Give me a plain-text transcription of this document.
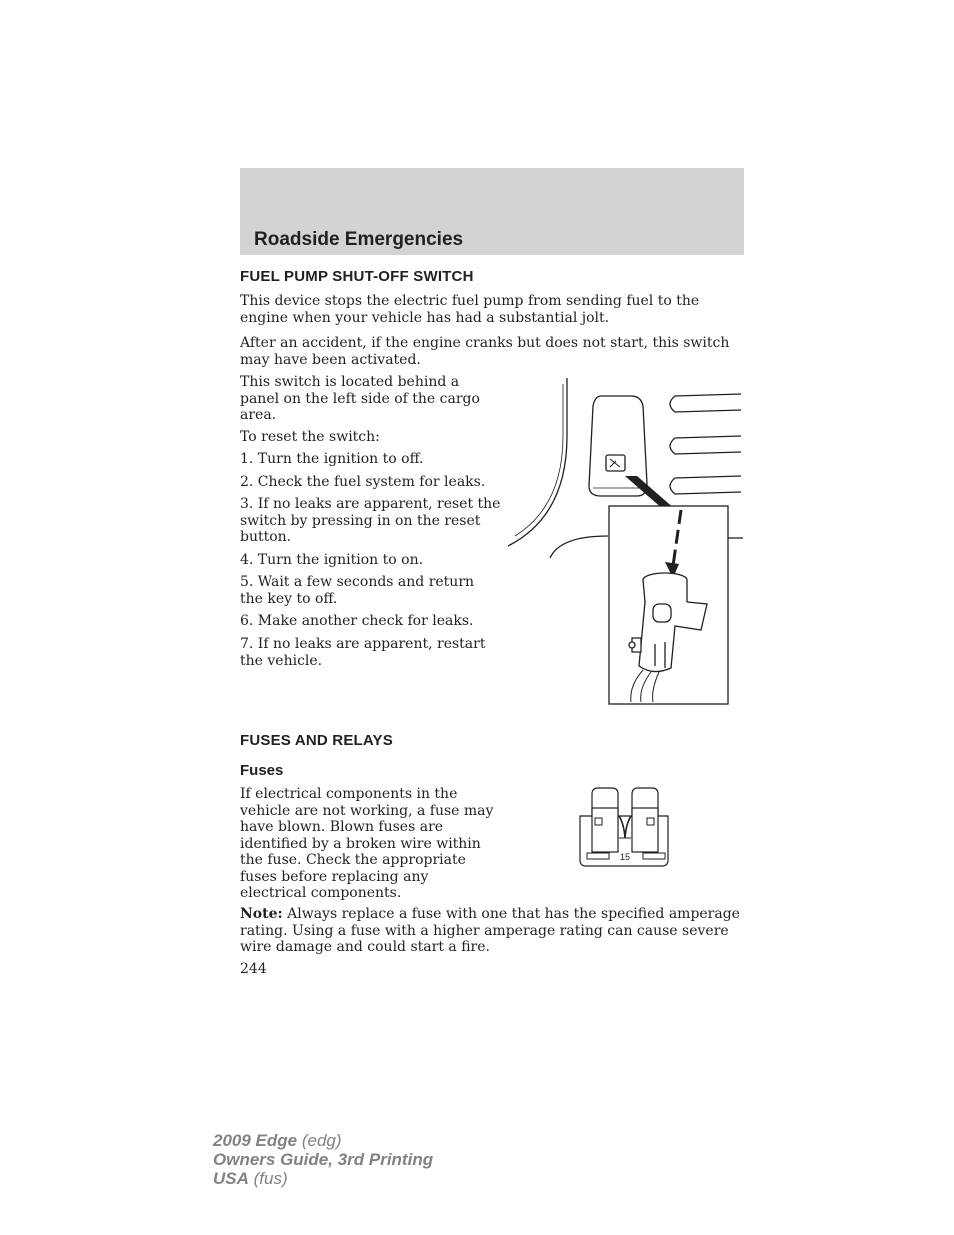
Roadside Emergencies
FUEL PUMP SHUT-OFF SWITCH

This device stops the electric fuel pump from sending fuel to the engine when your vehicle has had a substantial jolt.

After an accident, if the engine cranks but does not start, this switch may have been activated.

This switch is located behind a panel on the left side of the cargo area.

To reset the switch:

1. Turn the ignition to off.

2. Check the fuel system for leaks.

3. If no leaks are apparent, reset the switch by pressing in on the reset button.

4. Turn the ignition to on.

5. Wait a few seconds and return the key to off.

6. Make another check for leaks.

7. If no leaks are apparent, restart the vehicle.

FUSES AND RELAYS
Fuses

If electrical components in the vehicle are not working, a fuse may have blown. Blown fuses are identified by a broken wire within the fuse. Check the appropriate fuses before replacing any electrical components.

15

Note: Always replace a fuse with one that has the specified amperage rating. Using a fuse with a higher amperage rating can cause severe wire damage and could start a fire.

244

2009 Edge (edg)
Owners Guide, 3rd Printing
USA (fus)
